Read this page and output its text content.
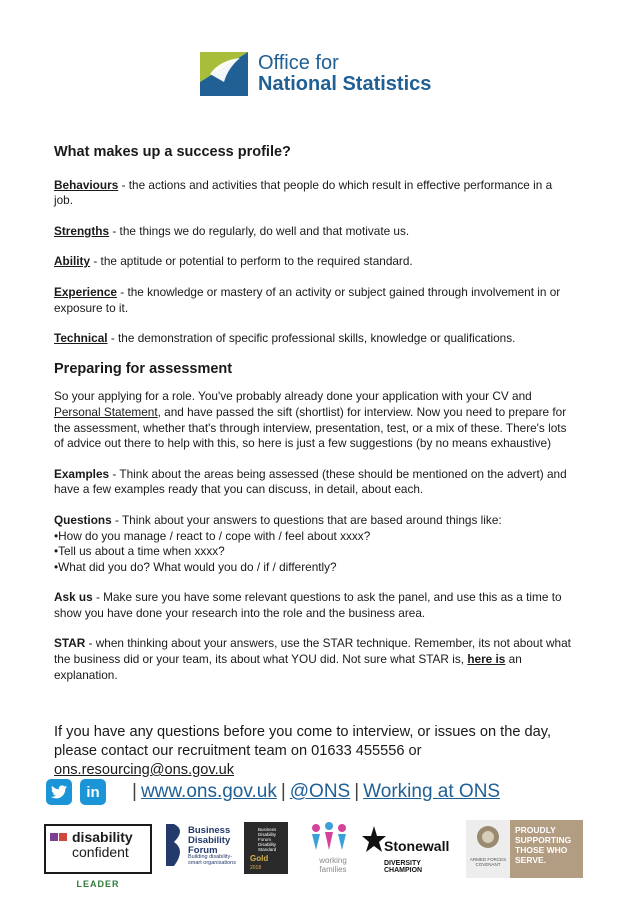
Office for
National Statistics
What makes up a success profile?

Behaviours - the actions and activities that people do which result in effective performance in a job.

Strengths - the things we do regularly, do well and that motivate us.

Ability - the aptitude or potential to perform to the required standard.

Experience - the knowledge or mastery of an activity or subject gained through involvement in or exposure to it.

Technical - the demonstration of specific professional skills, knowledge or qualifications.

Preparing for assessment

So your applying for a role. You've probably already done your application with your CV and Personal Statement, and have passed the sift (shortlist) for interview. Now you need to prepare for the assessment, whether that's through interview, presentation, test, or a mix of these. There's lots of advice out there to help with this, so here is just a few suggestions (by no means exhaustive)

Examples - Think about the areas being assessed (these should be mentioned on the advert) and have a few examples ready that you can discuss, in detail, about each.

Questions - Think about your answers to questions that are based around things like:
•How do you manage / react to / cope with / feel about xxxx?
•Tell us about a time when xxxx?
•What did you do? What would you do / if / differently?

Ask us - Make sure you have some relevant questions to ask the panel, and use this as a time to show you have done your research into the role and the business area.

STAR - when thinking about your answers, use the STAR technique. Remember, its not about what the business did or your team, its about what YOU did. Not sure what STAR is, here is an explanation.

If you have any questions before you come to interview, or issues on the day, please contact our recruitment team on 01633 455556 or ons.resourcing@ons.gov.uk

in	| www.ons.gov.uk | @ONS | Working at ONS
disability
confident
LEADER
Business Disability Forum
Building disability-smart organisations
Business Disability Forum Disability Standard
Gold
2018
working families
Stonewall
DIVERSITY CHAMPION
ARMED FORCES COVENANT
PROUDLY SUPPORTING THOSE WHO SERVE.
